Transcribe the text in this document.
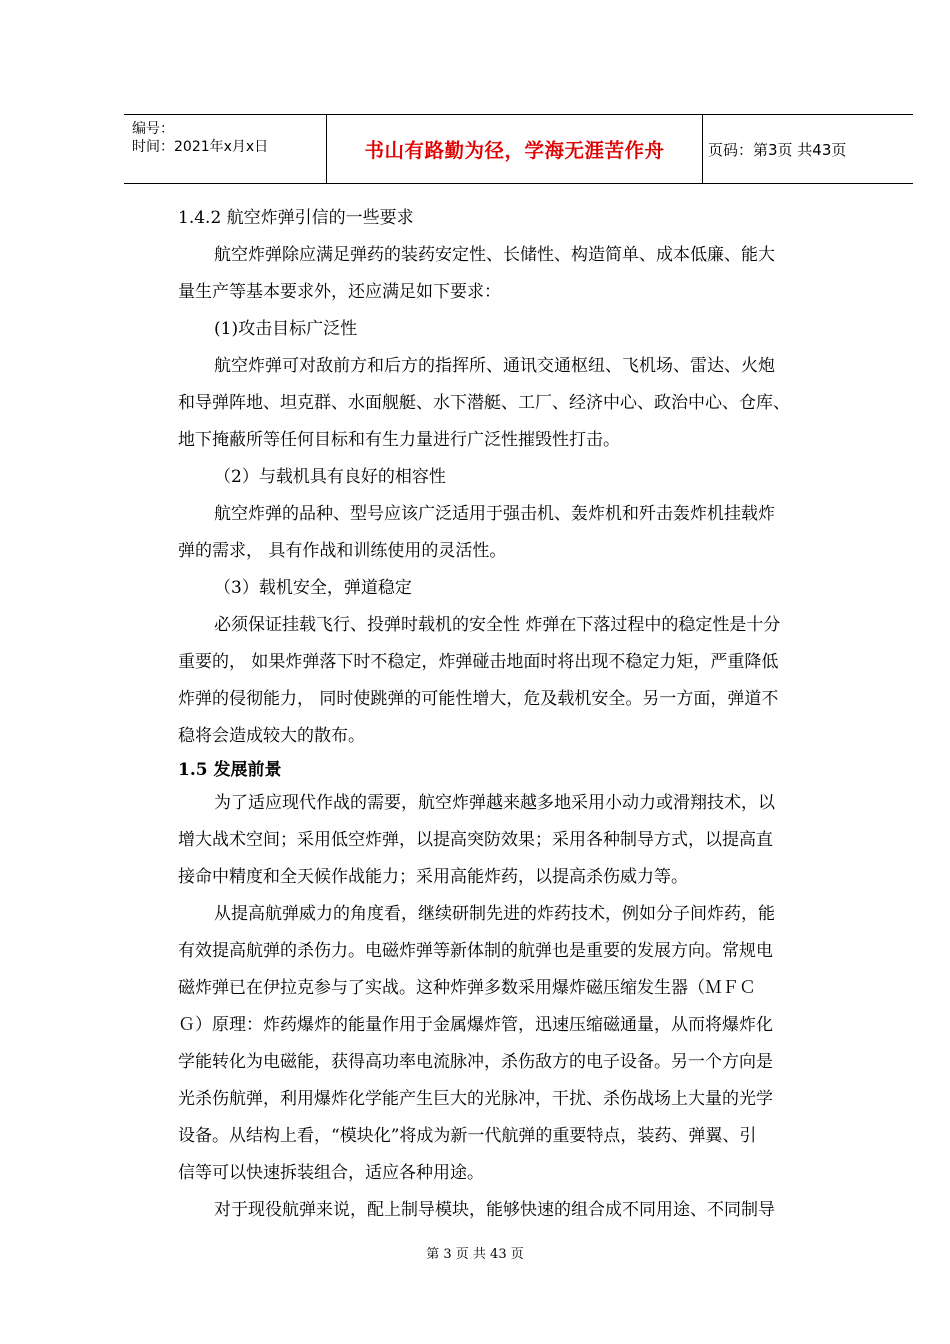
编号：
时间：2021年x月x日	书山有路勤为径，学海无涯苦作舟	页码：第3页 共43页
1.4.2 航空炸弹引信的一些要求
航空炸弹除应满足弹药的装药安定性、长储性、构造简单、成本低廉、能大
量生产等基本要求外，还应满足如下要求：
(1)攻击目标广泛性
航空炸弹可对敌前方和后方的指挥所、通讯交通枢纽、飞机场、雷达、火炮
和导弹阵地、坦克群、水面舰艇、水下潜艇、工厂、经济中心、政治中心、仓库、
地下掩蔽所等任何目标和有生力量进行广泛性摧毁性打击。
（2）与载机具有良好的相容性
航空炸弹的品种、型号应该广泛适用于强击机、轰炸机和歼击轰炸机挂载炸
弹的需求， 具有作战和训练使用的灵活性。
（3）载机安全，弹道稳定
必须保证挂载飞行、投弹时载机的安全性 炸弹在下落过程中的稳定性是十分
重要的， 如果炸弹落下时不稳定，炸弹碰击地面时将出现不稳定力矩，严重降低
炸弹的侵彻能力， 同时使跳弹的可能性增大，危及载机安全。另一方面，弹道不
稳将会造成较大的散布。
1.5 发展前景
为了适应现代作战的需要，航空炸弹越来越多地采用小动力或滑翔技术，以
增大战术空间；采用低空炸弹，以提高突防效果；采用各种制导方式，以提高直
接命中精度和全天候作战能力；采用高能炸药，以提高杀伤威力等。
从提高航弹威力的角度看，继续研制先进的炸药技术，例如分子间炸药，能
有效提高航弹的杀伤力。电磁炸弹等新体制的航弹也是重要的发展方向。常规电
磁炸弹已在伊拉克参与了实战。这种炸弹多数采用爆炸磁压缩发生器（ＭＦＣ
Ｇ）原理：炸药爆炸的能量作用于金属爆炸管，迅速压缩磁通量，从而将爆炸化
学能转化为电磁能，获得高功率电流脉冲，杀伤敌方的电子设备。另一个方向是
光杀伤航弹，利用爆炸化学能产生巨大的光脉冲，干扰、杀伤战场上大量的光学
设备。从结构上看，“模块化”将成为新一代航弹的重要特点，装药、弹翼、引
信等可以快速拆装组合，适应各种用途。
对于现役航弹来说，配上制导模块，能够快速的组合成不同用途、不同制导
第 3 页 共 43 页
